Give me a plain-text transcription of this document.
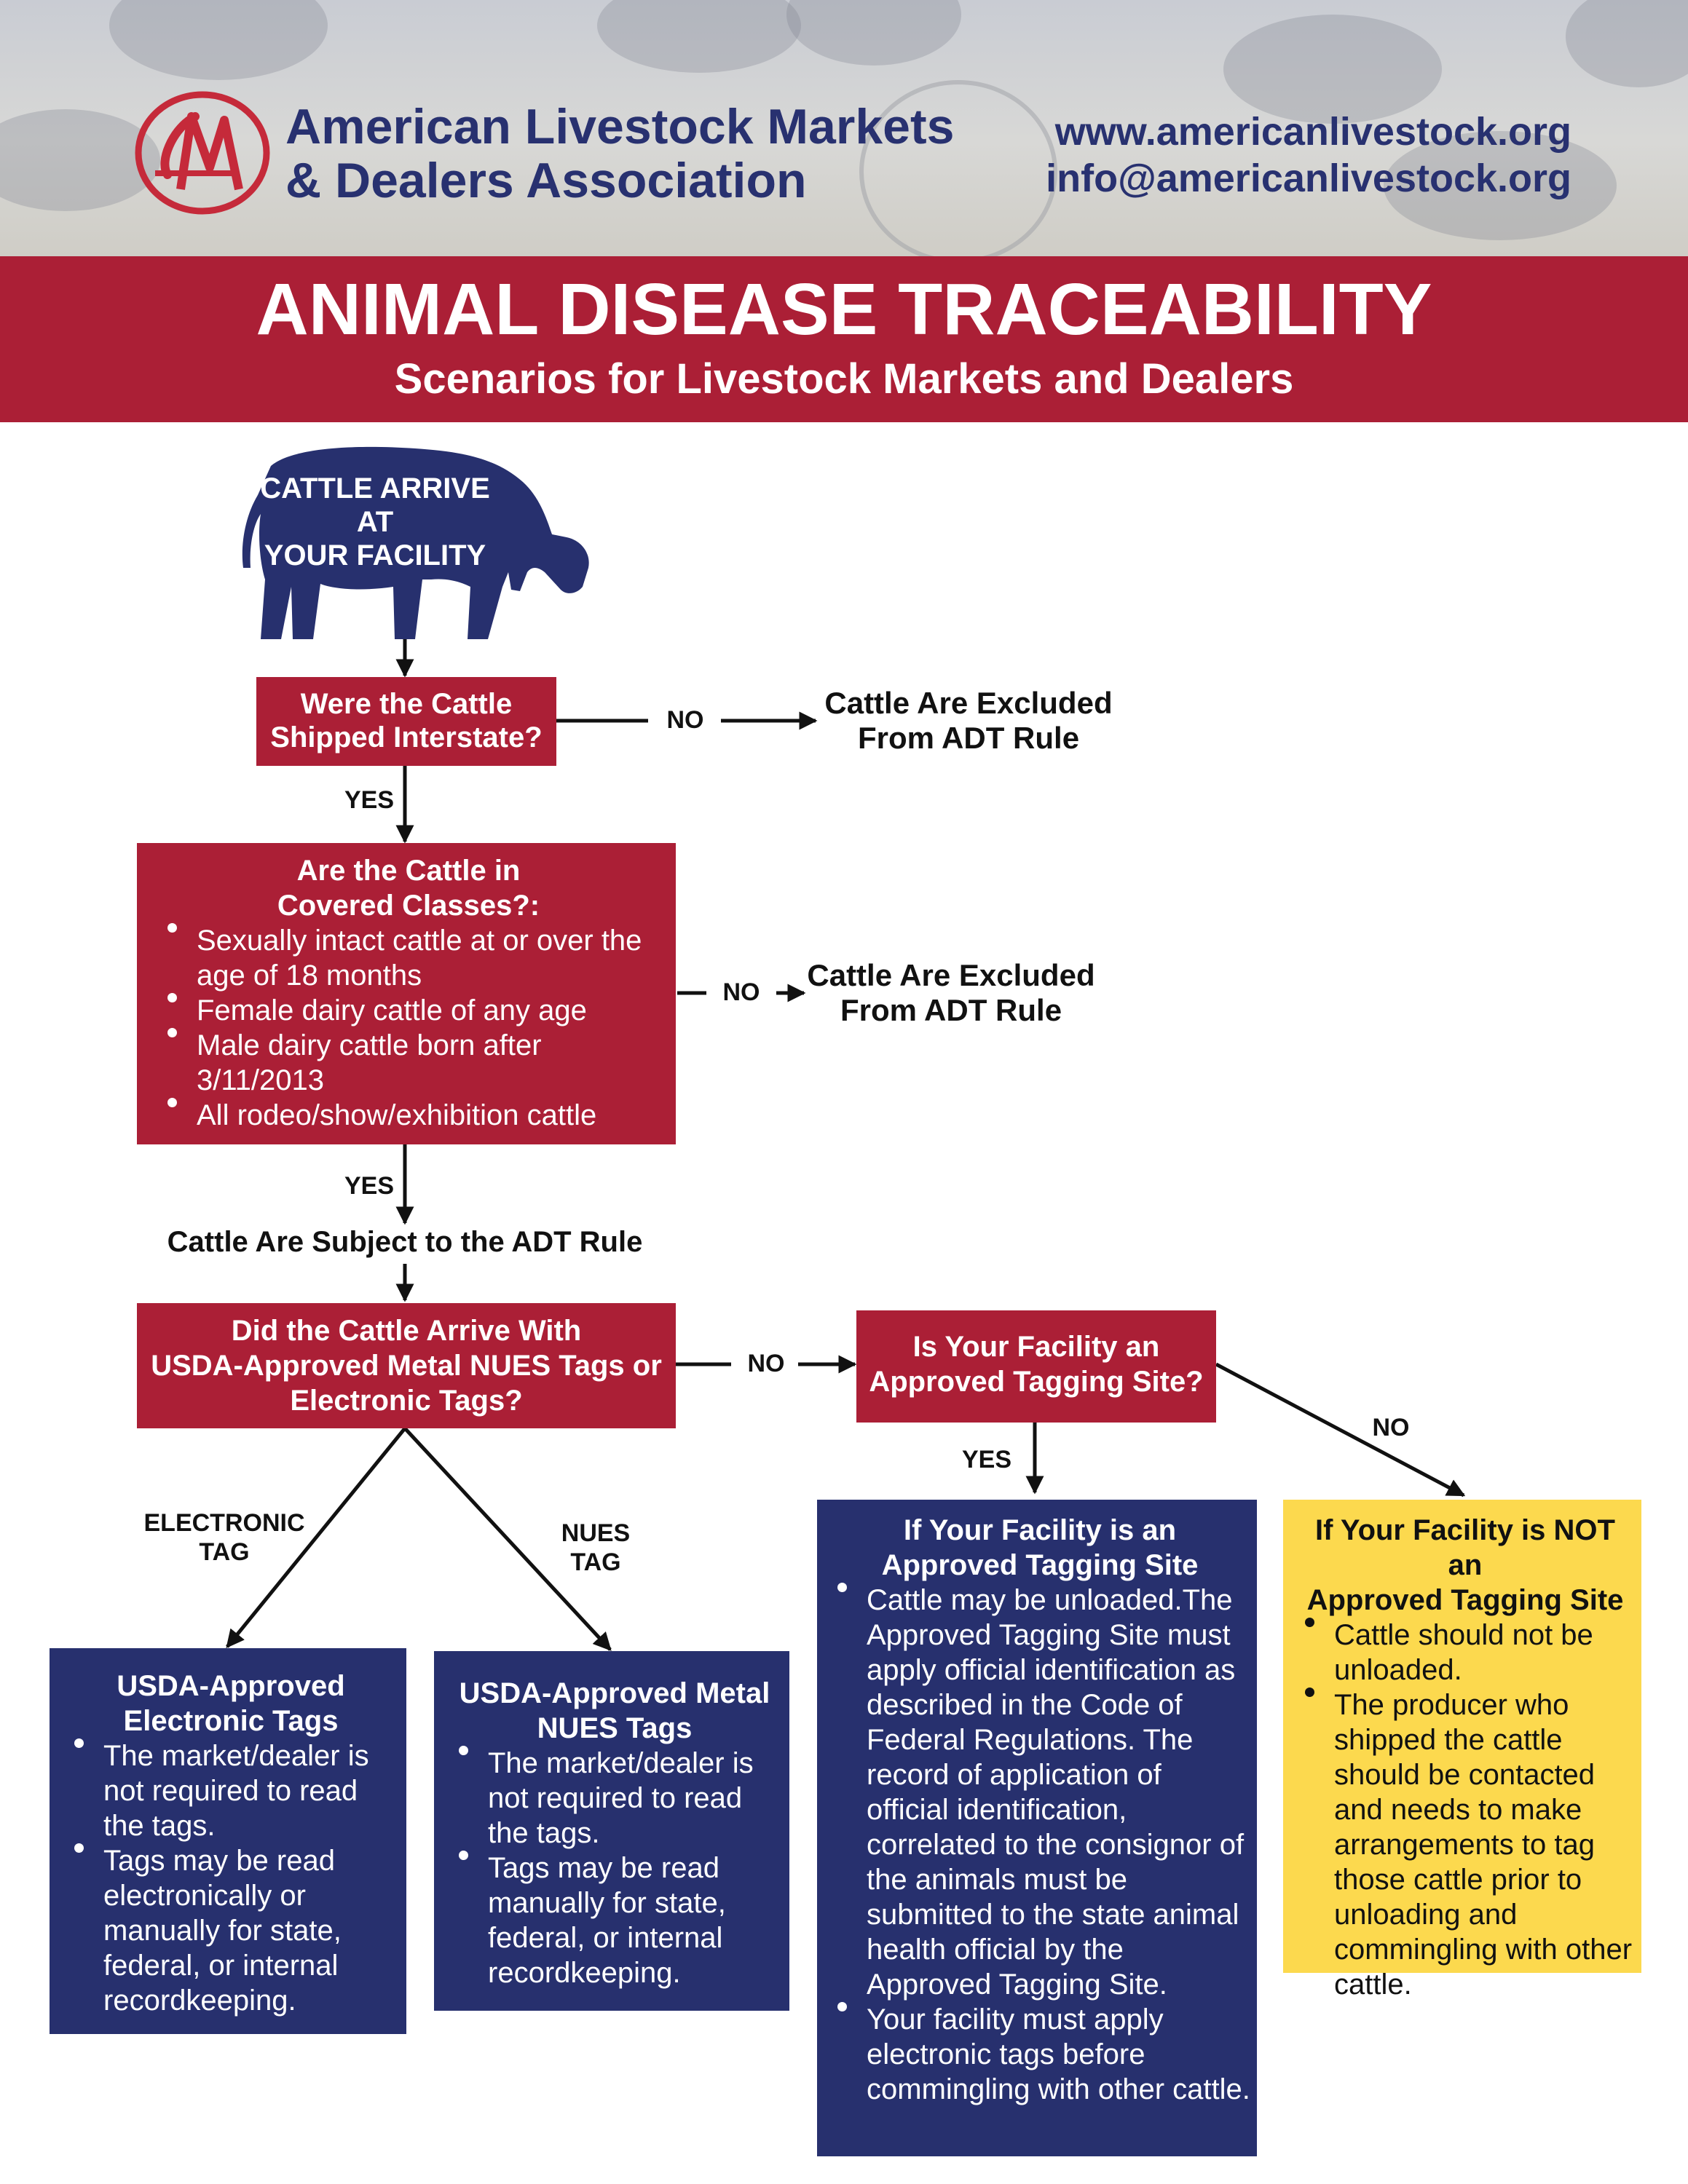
American Livestock Markets
& Dealers Association
www.americanlivestock.org
info@americanlivestock.org
ANIMAL DISEASE TRACEABILITY
Scenarios for Livestock Markets and Dealers
CATTLE ARRIVE AT
YOUR FACILITY
Were the Cattle
Shipped Interstate?
NO	Cattle Are Excluded
From ADT Rule
YES
Are the Cattle in
Covered Classes?:
Sexually intact cattle at or over the age of 18 months
Female dairy cattle of any age
Male dairy cattle born after 3/11/2013
All rodeo/show/exhibition cattle
NO	Cattle Are Excluded
From ADT Rule
YES
Cattle Are Subject to the ADT Rule
Did the Cattle Arrive With
USDA-Approved Metal NUES Tags or
Electronic Tags?
NO
ELECTRONIC
TAG
NUES
TAG
Is Your Facility an
Approved Tagging Site?
YES
NO
USDA-Approved
Electronic Tags
The market/dealer is not required to read the tags.
Tags may be read electronically or manually for state, federal, or internal recordkeeping.
USDA-Approved Metal
NUES Tags
The market/dealer is not required to read the tags.
Tags may be read manually for state, federal, or internal recordkeeping.
If Your Facility is an
Approved Tagging Site
Cattle may be unloaded.The Approved Tagging Site must apply official identification as described in the Code of Federal Regulations. The record of application of official identification, correlated to the consignor of the animals must be submitted to the state animal health official by the Approved Tagging Site.
Your facility must apply electronic tags before commingling with other cattle.
If Your Facility is NOT an
Approved Tagging Site
Cattle should not be unloaded.
The producer who shipped the cattle should be contacted and needs to make arrangements to tag those cattle prior to unloading and commingling with other cattle.
